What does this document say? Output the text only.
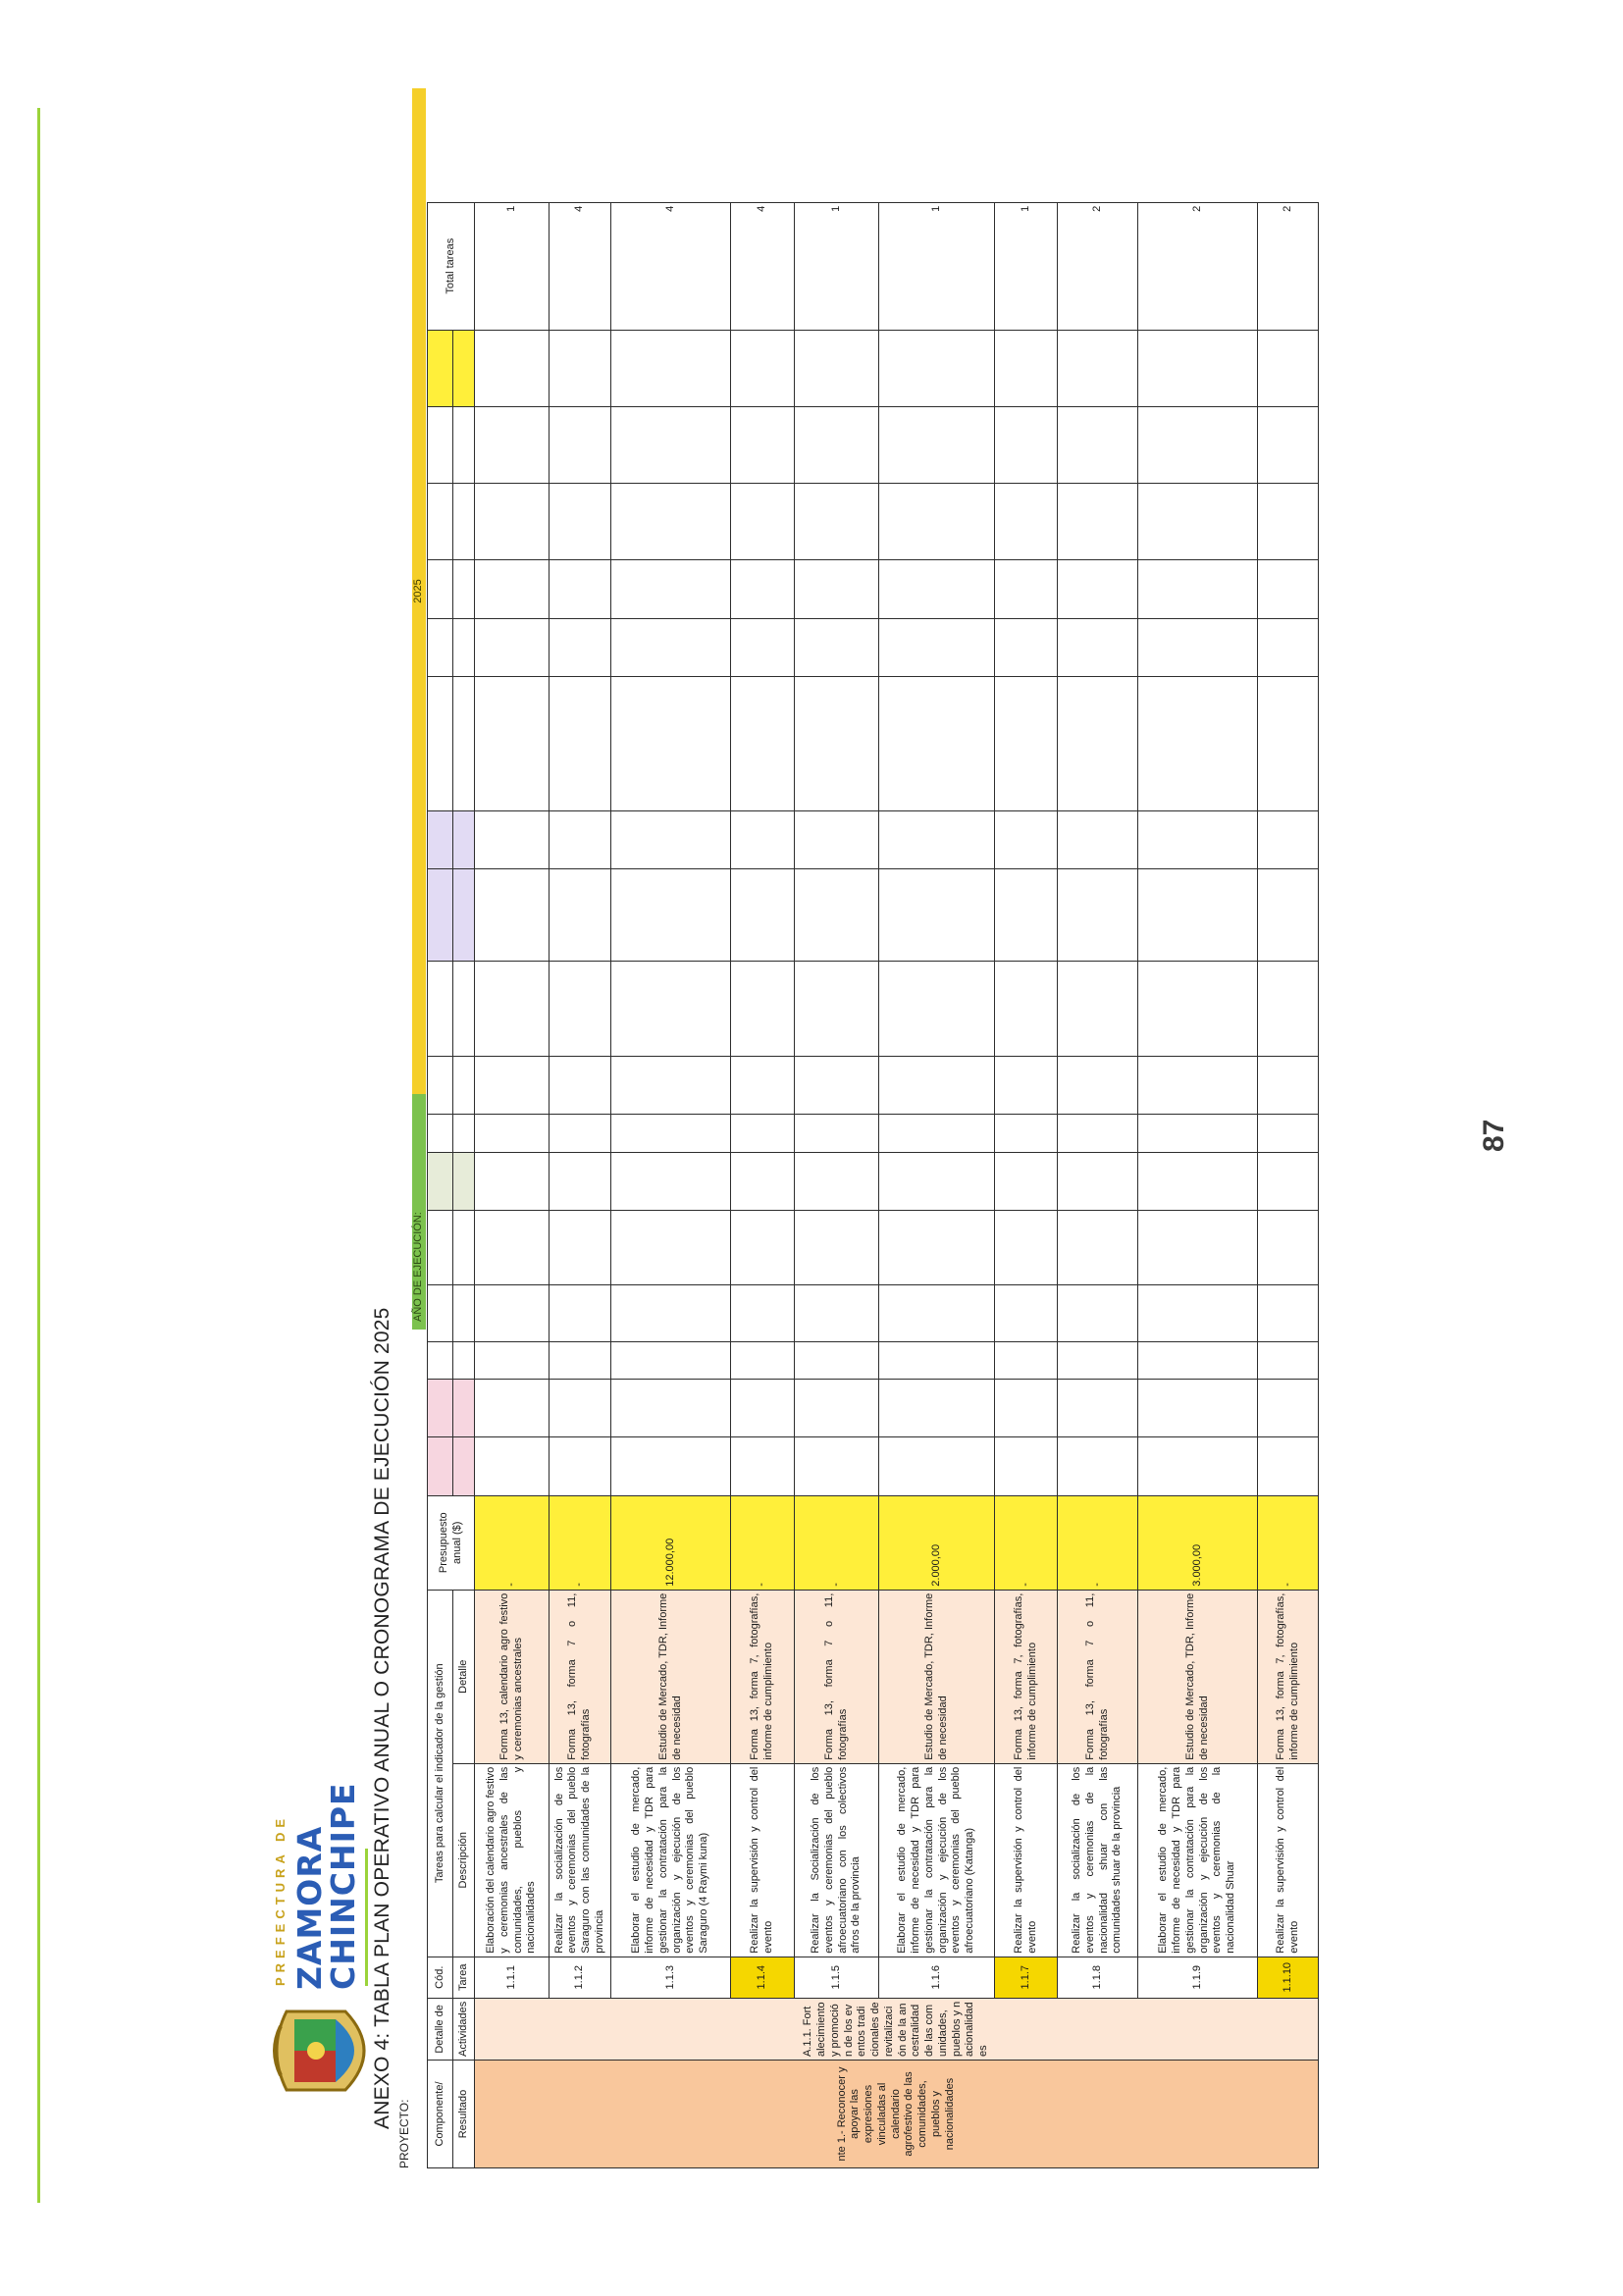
87
PREFECTURA DE ZAMORA
CHINCHIPE ANEXO 4: TABLA PLAN OPERATIVO ANUAL O CRONOGRAMA DE EJECUCIÓN 2025
PROYECTO:
AÑO DE EJECUCIÓN:
2025
Componente/	Detalle de	Cód.	Tareas para calcular el indicador de la gestión		Presupuesto anual ($)																		Total tareas
Resultado	Actividades	Tarea	Descripción	Detalle																			
nte 1.- Reconocer y apoyar las expresiones vinculadas al calendario agrofestivo de las comunidades, pueblos y nacionalidades	A.1.1. Fortalecimiento y promoción de los eventos tradicionales de revitalización de la ancestralidad de las comunidades, pueblos y nacionalidades	1.1.1	Elaboración del calendario agro festivo y ceremonias ancestrales de las comunidades, pueblos y nacionalidades	Forma 13, calendario agro festivo y ceremonias ancestrales	-																		1
		1.1.2	Realizar la socialización de los eventos y ceremonias del pueblo Saraguro con las comunidades de la provincia	Forma 13, forma 7 o 11, fotografías	-																		4
		1.1.3	Elaborar el estudio de mercado, informe de necesidad y TDR para gestionar la contratación para la organización y ejecución de los eventos y ceremonias del pueblo Saraguro (4 Raymi kuna)	Estudio de Mercado, TDR, Informe de necesidad	12.000,00																		4
		1.1.4	Realizar la supervisión y control del evento	Forma 13, forma 7, fotografías, informe de cumplimiento	-																		4
		1.1.5	Realizar la Socialización de los eventos y ceremonias del pueblo afroecuatoriano con los colectivos afros de la provincia	Forma 13, forma 7 o 11, fotografías	-																		1
		1.1.6	Elaborar el estudio de mercado, informe de necesidad y TDR para gestionar la contratación para la organización y ejecución de los eventos y ceremonias del pueblo afroecuatoriano (Katanga)	Estudio de Mercado, TDR, Informe de necesidad	2.000,00																		1
		1.1.7	Realizar la supervisión y control del evento	Forma 13, forma 7, fotografías, informe de cumplimiento	-																		1
		1.1.8	Realizar la socialización de los eventos y ceremonias de la nacionalidad shuar con las comunidades shuar de la provincia	Forma 13, forma 7 o 11, fotografías	-																		2
		1.1.9	Elaborar el estudio de mercado, informe de necesidad y TDR para gestionar la contratación para la organización y ejecución de los eventos y ceremonias de la nacionalidad Shuar	Estudio de Mercado, TDR, Informe de necesidad	3.000,00																		2
		1.1.10	Realizar la supervisión y control del evento	Forma 13, forma 7, fotografías, informe de cumplimiento	-																		2
